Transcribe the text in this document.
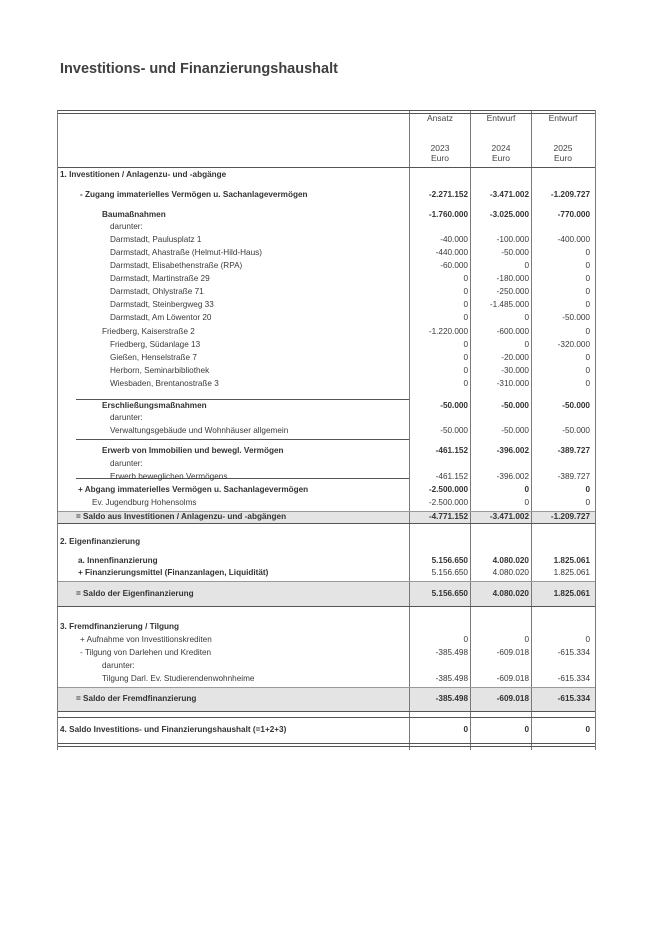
Investitions- und Finanzierungshaushalt
Ansatz
2023
Euro
Entwurf
2024
Euro
Entwurf
2025
Euro
1. Investitionen / Anlagenzu- und -abgänge
- Zugang immaterielles Vermögen u. Sachanlagevermögen	-2.271.152	-3.471.002	-1.209.727
Baumaßnahmen	-1.760.000	-3.025.000	-770.000
darunter:
Darmstadt, Paulusplatz 1	-40.000	-100.000	-400.000
Darmstadt, Ahastraße (Helmut-Hild-Haus)	-440.000	-50.000	0
Darmstadt, Elisabethenstraße (RPA)	-60.000	0	0
Darmstadt, Martinstraße 29	0	-180.000	0
Darmstadt, Ohlystraße 71	0	-250.000	0
Darmstadt, Steinbergweg 33	0	-1.485.000	0
Darmstadt, Am Löwentor 20	0	0	-50.000
Friedberg, Kaiserstraße 2	-1.220.000	-600.000	0
Friedberg, Südanlage 13	0	0	-320.000
Gießen, Henselstraße 7	0	-20.000	0
Herborn, Seminarbibliothek	0	-30.000	0
Wiesbaden, Brentanostraße 3	0	-310.000	0
Erschließungsmaßnahmen	-50.000	-50.000	-50.000
darunter:
Verwaltungsgebäude und Wohnhäuser allgemein	-50.000	-50.000	-50.000
Erwerb von Immobilien und bewegl. Vermögen	-461.152	-396.002	-389.727
darunter:
Erwerb beweglichen Vermögens	-461.152	-396.002	-389.727
+ Abgang immaterielles Vermögen u. Sachanlagevermögen	-2.500.000	0	0
Ev. Jugendburg Hohensolms	-2.500.000	0	0
= Saldo aus Investitionen / Anlagenzu- und -abgängen	-4.771.152	-3.471.002	-1.209.727
2. Eigenfinanzierung
a. Innenfinanzierung	5.156.650	4.080.020	1.825.061
+ Finanzierungsmittel (Finanzanlagen, Liquidität)	5.156.650	4.080.020	1.825.061
= Saldo der Eigenfinanzierung	5.156.650	4.080.020	1.825.061
3. Fremdfinanzierung / Tilgung
+ Aufnahme von Investitionskrediten	0	0	0
- Tilgung von Darlehen und Krediten	-385.498	-609.018	-615.334
darunter:
Tilgung Darl. Ev. Studierendenwohnheime	-385.498	-609.018	-615.334
= Saldo der Fremdfinanzierung	-385.498	-609.018	-615.334
4. Saldo Investitions- und Finanzierungshaushalt (=1+2+3)	0	0	0
